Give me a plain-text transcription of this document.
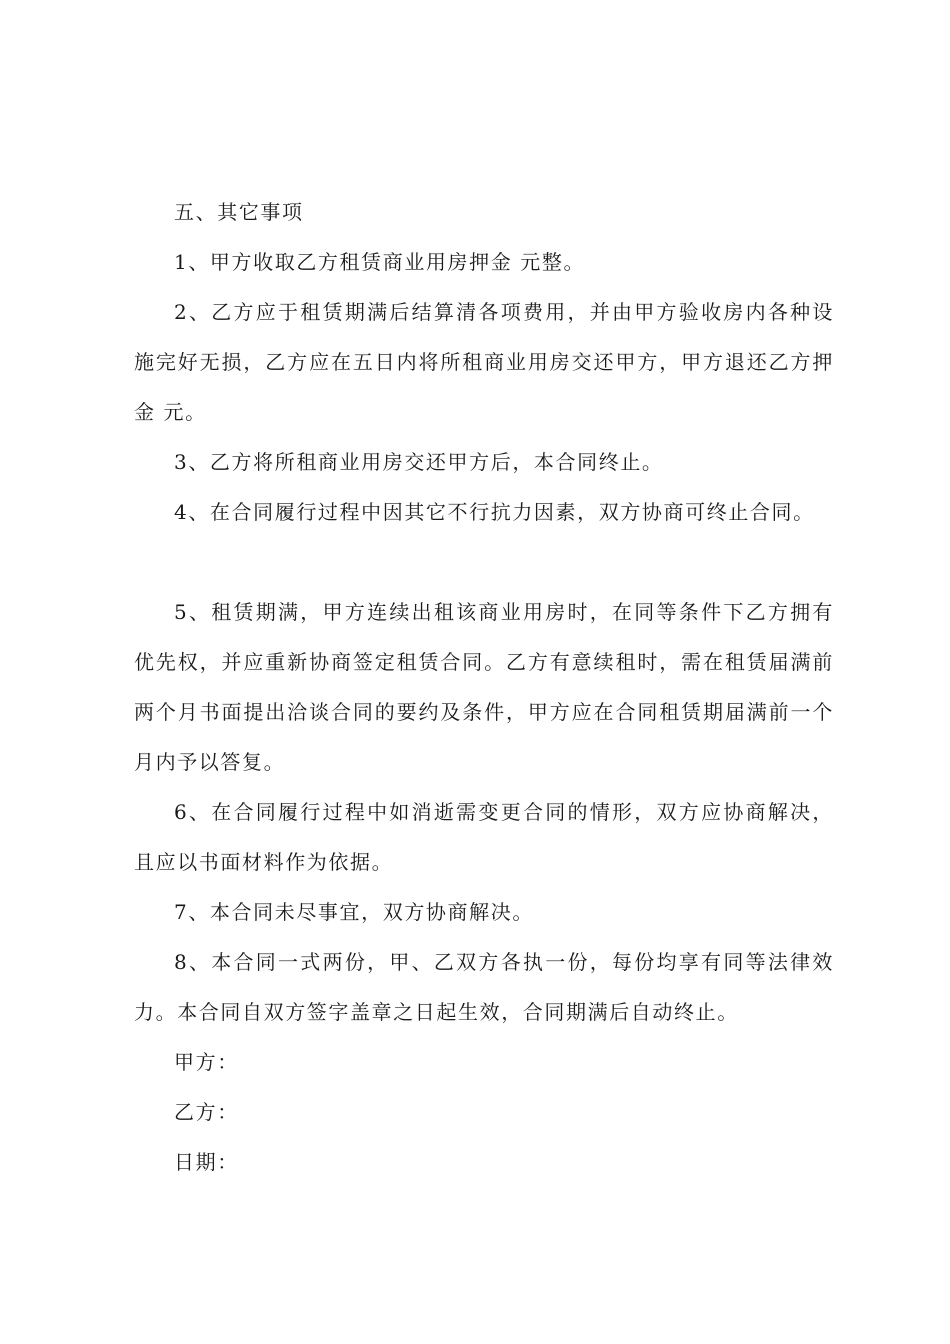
五、其它事项

1、甲方收取乙方租赁商业用房押金 元整。

2、乙方应于租赁期满后结算清各项费用，并由甲方验收房内各种设施完好无损，乙方应在五日内将所租商业用房交还甲方，甲方退还乙方押金 元。

3、乙方将所租商业用房交还甲方后，本合同终止。

4、在合同履行过程中因其它不行抗力因素，双方协商可终止合同。

5、租赁期满，甲方连续出租该商业用房时，在同等条件下乙方拥有优先权，并应重新协商签定租赁合同。乙方有意续租时，需在租赁届满前两个月书面提出洽谈合同的要约及条件，甲方应在合同租赁期届满前一个月内予以答复。

6、在合同履行过程中如消逝需变更合同的情形，双方应协商解决，且应以书面材料作为依据。

7、本合同未尽事宜，双方协商解决。

8、本合同一式两份，甲、乙双方各执一份，每份均享有同等法律效力。本合同自双方签字盖章之日起生效，合同期满后自动终止。

甲方：

乙方：

日期：
